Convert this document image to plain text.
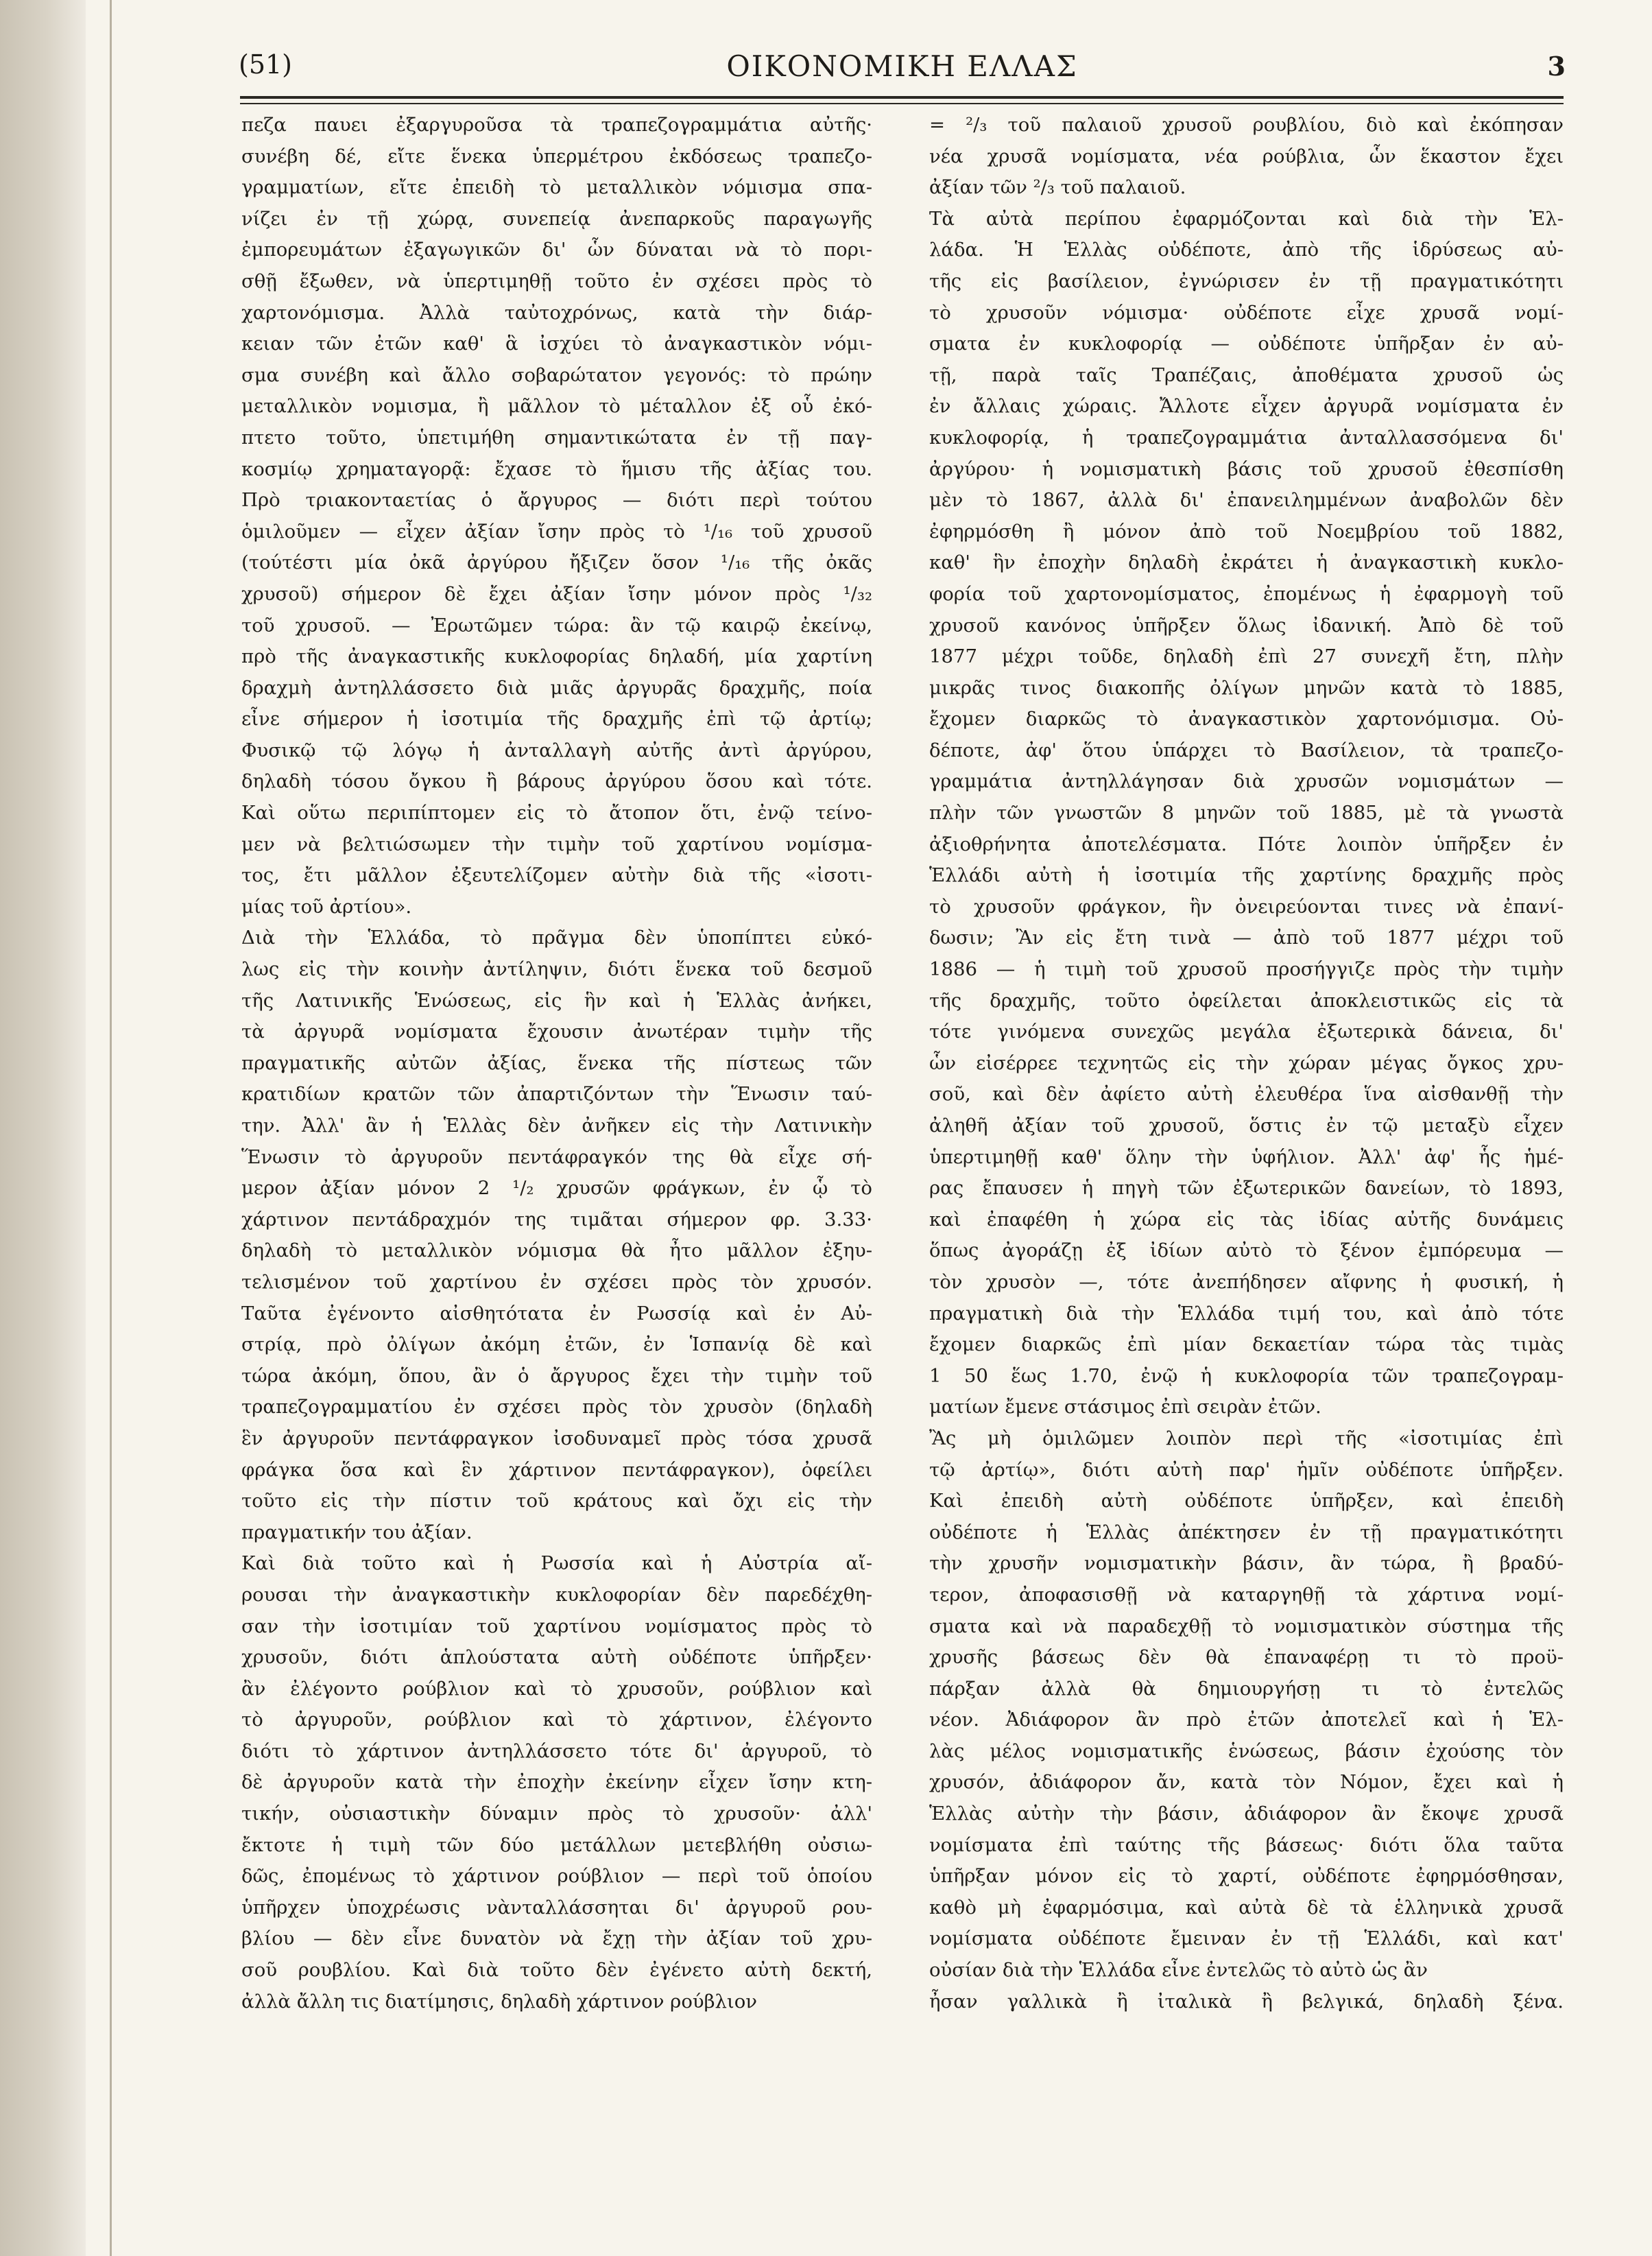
(51)	ΟΙΚΟΝΟΜΙΚΗ ΕΛΛΑΣ	3

πεζα παυει ἐξαργυροῦσα τὰ τραπεζογραμμάτια αὐτῆς·

συνέβη δέ, εἴτε ἕνεκα ὑπερμέτρου ἐκδόσεως τραπεζο-

γραμματίων, εἴτε ἐπειδὴ τὸ μεταλλικὸν νόμισμα σπα-

νίζει ἐν τῇ χώρᾳ, συνεπείᾳ ἀνεπαρκοῦς παραγωγῆς

ἐμπορευμάτων ἐξαγωγικῶν δι' ὧν δύναται νὰ τὸ πορι-

σθῇ ἔξωθεν, νὰ ὑπερτιμηθῇ τοῦτο ἐν σχέσει πρὸς τὸ

χαρτονόμισμα. Ἀλλὰ ταὐτοχρόνως, κατὰ τὴν διάρ-

κειαν τῶν ἐτῶν καθ' ἃ ἰσχύει τὸ ἀναγκαστικὸν νόμι-

σμα συνέβη καὶ ἄλλο σοβαρώτατον γεγονός: τὸ πρώην

μεταλλικὸν νομισμα, ἢ μᾶλλον τὸ μέταλλον ἐξ οὗ ἐκό-

πτετο τοῦτο, ὑπετιμήθη σημαντικώτατα ἐν τῇ παγ-

κοσμίῳ χρηματαγορᾷ: ἔχασε τὸ ἥμισυ τῆς ἀξίας του.

Πρὸ τριακονταετίας ὁ ἄργυρος — διότι περὶ τούτου

ὁμιλοῦμεν — εἶχεν ἀξίαν ἴσην πρὸς τὸ ¹/₁₆ τοῦ χρυσοῦ

(τούτέστι μία ὀκᾶ ἀργύρου ἤξιζεν ὅσον ¹/₁₆ τῆς ὀκᾶς

χρυσοῦ) σήμερον δὲ ἔχει ἀξίαν ἴσην μόνον πρὸς ¹/₃₂

τοῦ χρυσοῦ. — Ἐρωτῶμεν τώρα: ἂν τῷ καιρῷ ἐκείνῳ,

πρὸ τῆς ἀναγκαστικῆς κυκλοφορίας δηλαδή, μία χαρτίνη

δραχμὴ ἀντηλλάσσετο διὰ μιᾶς ἀργυρᾶς δραχμῆς, ποία

εἶνε σήμερον ἡ ἰσοτιμία τῆς δραχμῆς ἐπὶ τῷ ἀρτίῳ;

Φυσικῷ τῷ λόγῳ ἡ ἀνταλλαγὴ αὐτῆς ἀντὶ ἀργύρου,

δηλαδὴ τόσου ὄγκου ἢ βάρους ἀργύρου ὅσου καὶ τότε.

Καὶ οὕτω περιπίπτομεν εἰς τὸ ἄτοπον ὅτι, ἐνῷ τείνο-

μεν νὰ βελτιώσωμεν τὴν τιμὴν τοῦ χαρτίνου νομίσμα-

τος, ἔτι μᾶλλον ἐξευτελίζομεν αὐτὴν διὰ τῆς «ἰσοτι-

μίας τοῦ ἀρτίου».

Διὰ τὴν Ἑλλάδα, τὸ πρᾶγμα δὲν ὑποπίπτει εὐκό-

λως εἰς τὴν κοινὴν ἀντίληψιν, διότι ἕνεκα τοῦ δεσμοῦ

τῆς Λατινικῆς Ἑνώσεως, εἰς ἣν καὶ ἡ Ἑλλὰς ἀνήκει,

τὰ ἀργυρᾶ νομίσματα ἔχουσιν ἀνωτέραν τιμὴν τῆς

πραγματικῆς αὐτῶν ἀξίας, ἕνεκα τῆς πίστεως τῶν

κρατιδίων κρατῶν τῶν ἀπαρτιζόντων τὴν Ἕνωσιν ταύ-

την. Ἀλλ' ἂν ἡ Ἑλλὰς δὲν ἀνῆκεν εἰς τὴν Λατινικὴν

Ἕνωσιν τὸ ἀργυροῦν πεντάφραγκόν της θὰ εἶχε σή-

μερον ἀξίαν μόνον 2 ¹/₂ χρυσῶν φράγκων, ἐν ᾧ τὸ

χάρτινον πεντάδραχμόν της τιμᾶται σήμερον φρ. 3.33·

δηλαδὴ τὸ μεταλλικὸν νόμισμα θὰ ἦτο μᾶλλον ἐξηυ-

τελισμένον τοῦ χαρτίνου ἐν σχέσει πρὸς τὸν χρυσόν.

Ταῦτα ἐγένοντο αἰσθητότατα ἐν Ρωσσίᾳ καὶ ἐν Αὐ-

στρίᾳ, πρὸ ὀλίγων ἀκόμη ἐτῶν, ἐν Ἱσπανίᾳ δὲ καὶ

τώρα ἀκόμη, ὅπου, ἂν ὁ ἄργυρος ἔχει τὴν τιμὴν τοῦ

τραπεζογραμματίου ἐν σχέσει πρὸς τὸν χρυσὸν (δηλαδὴ

ἓν ἀργυροῦν πεντάφραγκον ἰσοδυναμεῖ πρὸς τόσα χρυσᾶ

φράγκα ὅσα καὶ ἓν χάρτινον πεντάφραγκον), ὀφείλει

τοῦτο εἰς τὴν πίστιν τοῦ κράτους καὶ ὄχι εἰς τὴν

πραγματικήν του ἀξίαν.

Καὶ διὰ τοῦτο καὶ ἡ Ρωσσία καὶ ἡ Αὐστρία αἴ-

ρουσαι τὴν ἀναγκαστικὴν κυκλοφορίαν δὲν παρεδέχθη-

σαν τὴν ἰσοτιμίαν τοῦ χαρτίνου νομίσματος πρὸς τὸ

χρυσοῦν, διότι ἁπλούστατα αὐτὴ οὐδέποτε ὑπῆρξεν·

ἂν ἐλέγοντο ρούβλιον καὶ τὸ χρυσοῦν, ρούβλιον καὶ

τὸ ἀργυροῦν, ρούβλιον καὶ τὸ χάρτινον, ἐλέγοντο

διότι τὸ χάρτινον ἀντηλλάσσετο τότε δι' ἀργυροῦ, τὸ

δὲ ἀργυροῦν κατὰ τὴν ἐποχὴν ἐκείνην εἶχεν ἴσην κτη-

τικήν, οὐσιαστικὴν δύναμιν πρὸς τὸ χρυσοῦν· ἀλλ'

ἔκτοτε ἡ τιμὴ τῶν δύο μετάλλων μετεβλήθη οὐσιω-

δῶς, ἐπομένως τὸ χάρτινον ρούβλιον — περὶ τοῦ ὁποίου

ὑπῆρχεν ὑποχρέωσις νὰνταλλάσσηται δι' ἀργυροῦ ρου-

βλίου — δὲν εἶνε δυνατὸν νὰ ἔχῃ τὴν ἀξίαν τοῦ χρυ-

σοῦ ρουβλίου. Καὶ διὰ τοῦτο δὲν ἐγένετο αὐτὴ δεκτή,

ἀλλὰ ἄλλη τις διατίμησις, δηλαδὴ χάρτινον ρούβλιον

= ²/₃ τοῦ παλαιοῦ χρυσοῦ ρουβλίου, διὸ καὶ ἐκόπησαν

νέα χρυσᾶ νομίσματα, νέα ρούβλια, ὧν ἕκαστον ἔχει

ἀξίαν τῶν ²/₃ τοῦ παλαιοῦ.

Τὰ αὐτὰ περίπου ἐφαρμόζονται καὶ διὰ τὴν Ἑλ-

λάδα. Ἡ Ἑλλὰς οὐδέποτε, ἀπὸ τῆς ἱδρύσεως αὐ-

τῆς εἰς βασίλειον, ἐγνώρισεν ἐν τῇ πραγματικότητι

τὸ χρυσοῦν νόμισμα· οὐδέποτε εἶχε χρυσᾶ νομί-

σματα ἐν κυκλοφορίᾳ — οὐδέποτε ὑπῆρξαν ἐν αὐ-

τῇ, παρὰ ταῖς Τραπέζαις, ἀποθέματα χρυσοῦ ὡς

ἐν ἄλλαις χώραις. Ἄλλοτε εἶχεν ἀργυρᾶ νομίσματα ἐν

κυκλοφορίᾳ, ἡ τραπεζογραμμάτια ἀνταλλασσόμενα δι'

ἀργύρου· ἡ νομισματικὴ βάσις τοῦ χρυσοῦ ἐθεσπίσθη

μὲν τὸ 1867, ἀλλὰ δι' ἐπανειλημμένων ἀναβολῶν δὲν

ἐφηρμόσθη ἢ μόνον ἀπὸ τοῦ Νοεμβρίου τοῦ 1882,

καθ' ἣν ἐποχὴν δηλαδὴ ἐκράτει ἡ ἀναγκαστικὴ κυκλο-

φορία τοῦ χαρτονομίσματος, ἐπομένως ἡ ἐφαρμογὴ τοῦ

χρυσοῦ κανόνος ὑπῆρξεν ὅλως ἰδανική. Ἀπὸ δὲ τοῦ

1877 μέχρι τοῦδε, δηλαδὴ ἐπὶ 27 συνεχῆ ἔτη, πλὴν

μικρᾶς τινος διακοπῆς ὀλίγων μηνῶν κατὰ τὸ 1885,

ἔχομεν διαρκῶς τὸ ἀναγκαστικὸν χαρτονόμισμα. Οὐ-

δέποτε, ἀφ' ὅτου ὑπάρχει τὸ Βασίλειον, τὰ τραπεζο-

γραμμάτια ἀντηλλάγησαν διὰ χρυσῶν νομισμάτων —

πλὴν τῶν γνωστῶν 8 μηνῶν τοῦ 1885, μὲ τὰ γνωστὰ

ἀξιοθρήνητα ἀποτελέσματα. Πότε λοιπὸν ὑπῆρξεν ἐν

Ἑλλάδι αὐτὴ ἡ ἰσοτιμία τῆς χαρτίνης δραχμῆς πρὸς

τὸ χρυσοῦν φράγκον, ἣν ὀνειρεύονται τινες νὰ ἐπανί-

δωσιν; Ἂν εἰς ἔτη τινὰ — ἀπὸ τοῦ 1877 μέχρι τοῦ

1886 — ἡ τιμὴ τοῦ χρυσοῦ προσήγγιζε πρὸς τὴν τιμὴν

τῆς δραχμῆς, τοῦτο ὀφείλεται ἀποκλειστικῶς εἰς τὰ

τότε γινόμενα συνεχῶς μεγάλα ἐξωτερικὰ δάνεια, δι'

ὧν εἰσέρρεε τεχνητῶς εἰς τὴν χώραν μέγας ὄγκος χρυ-

σοῦ, καὶ δὲν ἀφίετο αὐτὴ ἐλευθέρα ἵνα αἰσθανθῇ τὴν

ἀληθῆ ἀξίαν τοῦ χρυσοῦ, ὅστις ἐν τῷ μεταξὺ εἶχεν

ὑπερτιμηθῇ καθ' ὅλην τὴν ὑφήλιον. Ἀλλ' ἀφ' ἧς ἡμέ-

ρας ἔπαυσεν ἡ πηγὴ τῶν ἐξωτερικῶν δανείων, τὸ 1893,

καὶ ἐπαφέθη ἡ χώρα εἰς τὰς ἰδίας αὐτῆς δυνάμεις

ὅπως ἀγοράζῃ ἐξ ἰδίων αὐτὸ τὸ ξένον ἐμπόρευμα —

τὸν χρυσὸν —, τότε ἀνεπήδησεν αἴφνης ἡ φυσική, ἡ

πραγματικὴ διὰ τὴν Ἑλλάδα τιμή του, καὶ ἀπὸ τότε

ἔχομεν διαρκῶς ἐπὶ μίαν δεκαετίαν τώρα τὰς τιμὰς

1 50 ἕως 1.70, ἐνῷ ἡ κυκλοφορία τῶν τραπεζογραμ-

ματίων ἔμενε στάσιμος ἐπὶ σειρὰν ἐτῶν.

Ἂς μὴ ὁμιλῶμεν λοιπὸν περὶ τῆς «ἰσοτιμίας ἐπὶ

τῷ ἀρτίῳ», διότι αὐτὴ παρ' ἡμῖν οὐδέποτε ὑπῆρξεν.

Καὶ ἐπειδὴ αὐτὴ οὐδέποτε ὑπῆρξεν, καὶ ἐπειδὴ

οὐδέποτε ἡ Ἑλλὰς ἀπέκτησεν ἐν τῇ πραγματικότητι

τὴν χρυσῆν νομισματικὴν βάσιν, ἂν τώρα, ἢ βραδύ-

τερον, ἀποφασισθῇ νὰ καταργηθῇ τὰ χάρτινα νομί-

σματα καὶ νὰ παραδεχθῇ τὸ νομισματικὸν σύστημα τῆς

χρυσῆς βάσεως δὲν θὰ ἐπαναφέρῃ τι τὸ προϋ-

πάρξαν ἀλλὰ θὰ δημιουργήσῃ τι τὸ ἐντελῶς

νέον. Ἀδιάφορον ἂν πρὸ ἐτῶν ἀποτελεῖ καὶ ἡ Ἑλ-

λὰς μέλος νομισματικῆς ἑνώσεως, βάσιν ἐχούσης τὸν

χρυσόν, ἀδιάφορον ἄν, κατὰ τὸν Νόμον, ἔχει καὶ ἡ

Ἑλλὰς αὐτὴν τὴν βάσιν, ἀδιάφορον ἂν ἔκοψε χρυσᾶ

νομίσματα ἐπὶ ταύτης τῆς βάσεως· διότι ὅλα ταῦτα

ὑπῆρξαν μόνον εἰς τὸ χαρτί, οὐδέποτε ἐφηρμόσθησαν,

καθὸ μὴ ἐφαρμόσιμα, καὶ αὐτὰ δὲ τὰ ἑλληνικὰ χρυσᾶ

νομίσματα οὐδέποτε ἔμειναν ἐν τῇ Ἑλλάδι, καὶ κατ'

οὐσίαν διὰ τὴν Ἑλλάδα εἶνε ἐντελῶς τὸ αὐτὸ ὡς ἂν

ἦσαν γαλλικὰ ἢ ἰταλικὰ ἢ βελγικά, δηλαδὴ ξένα.
